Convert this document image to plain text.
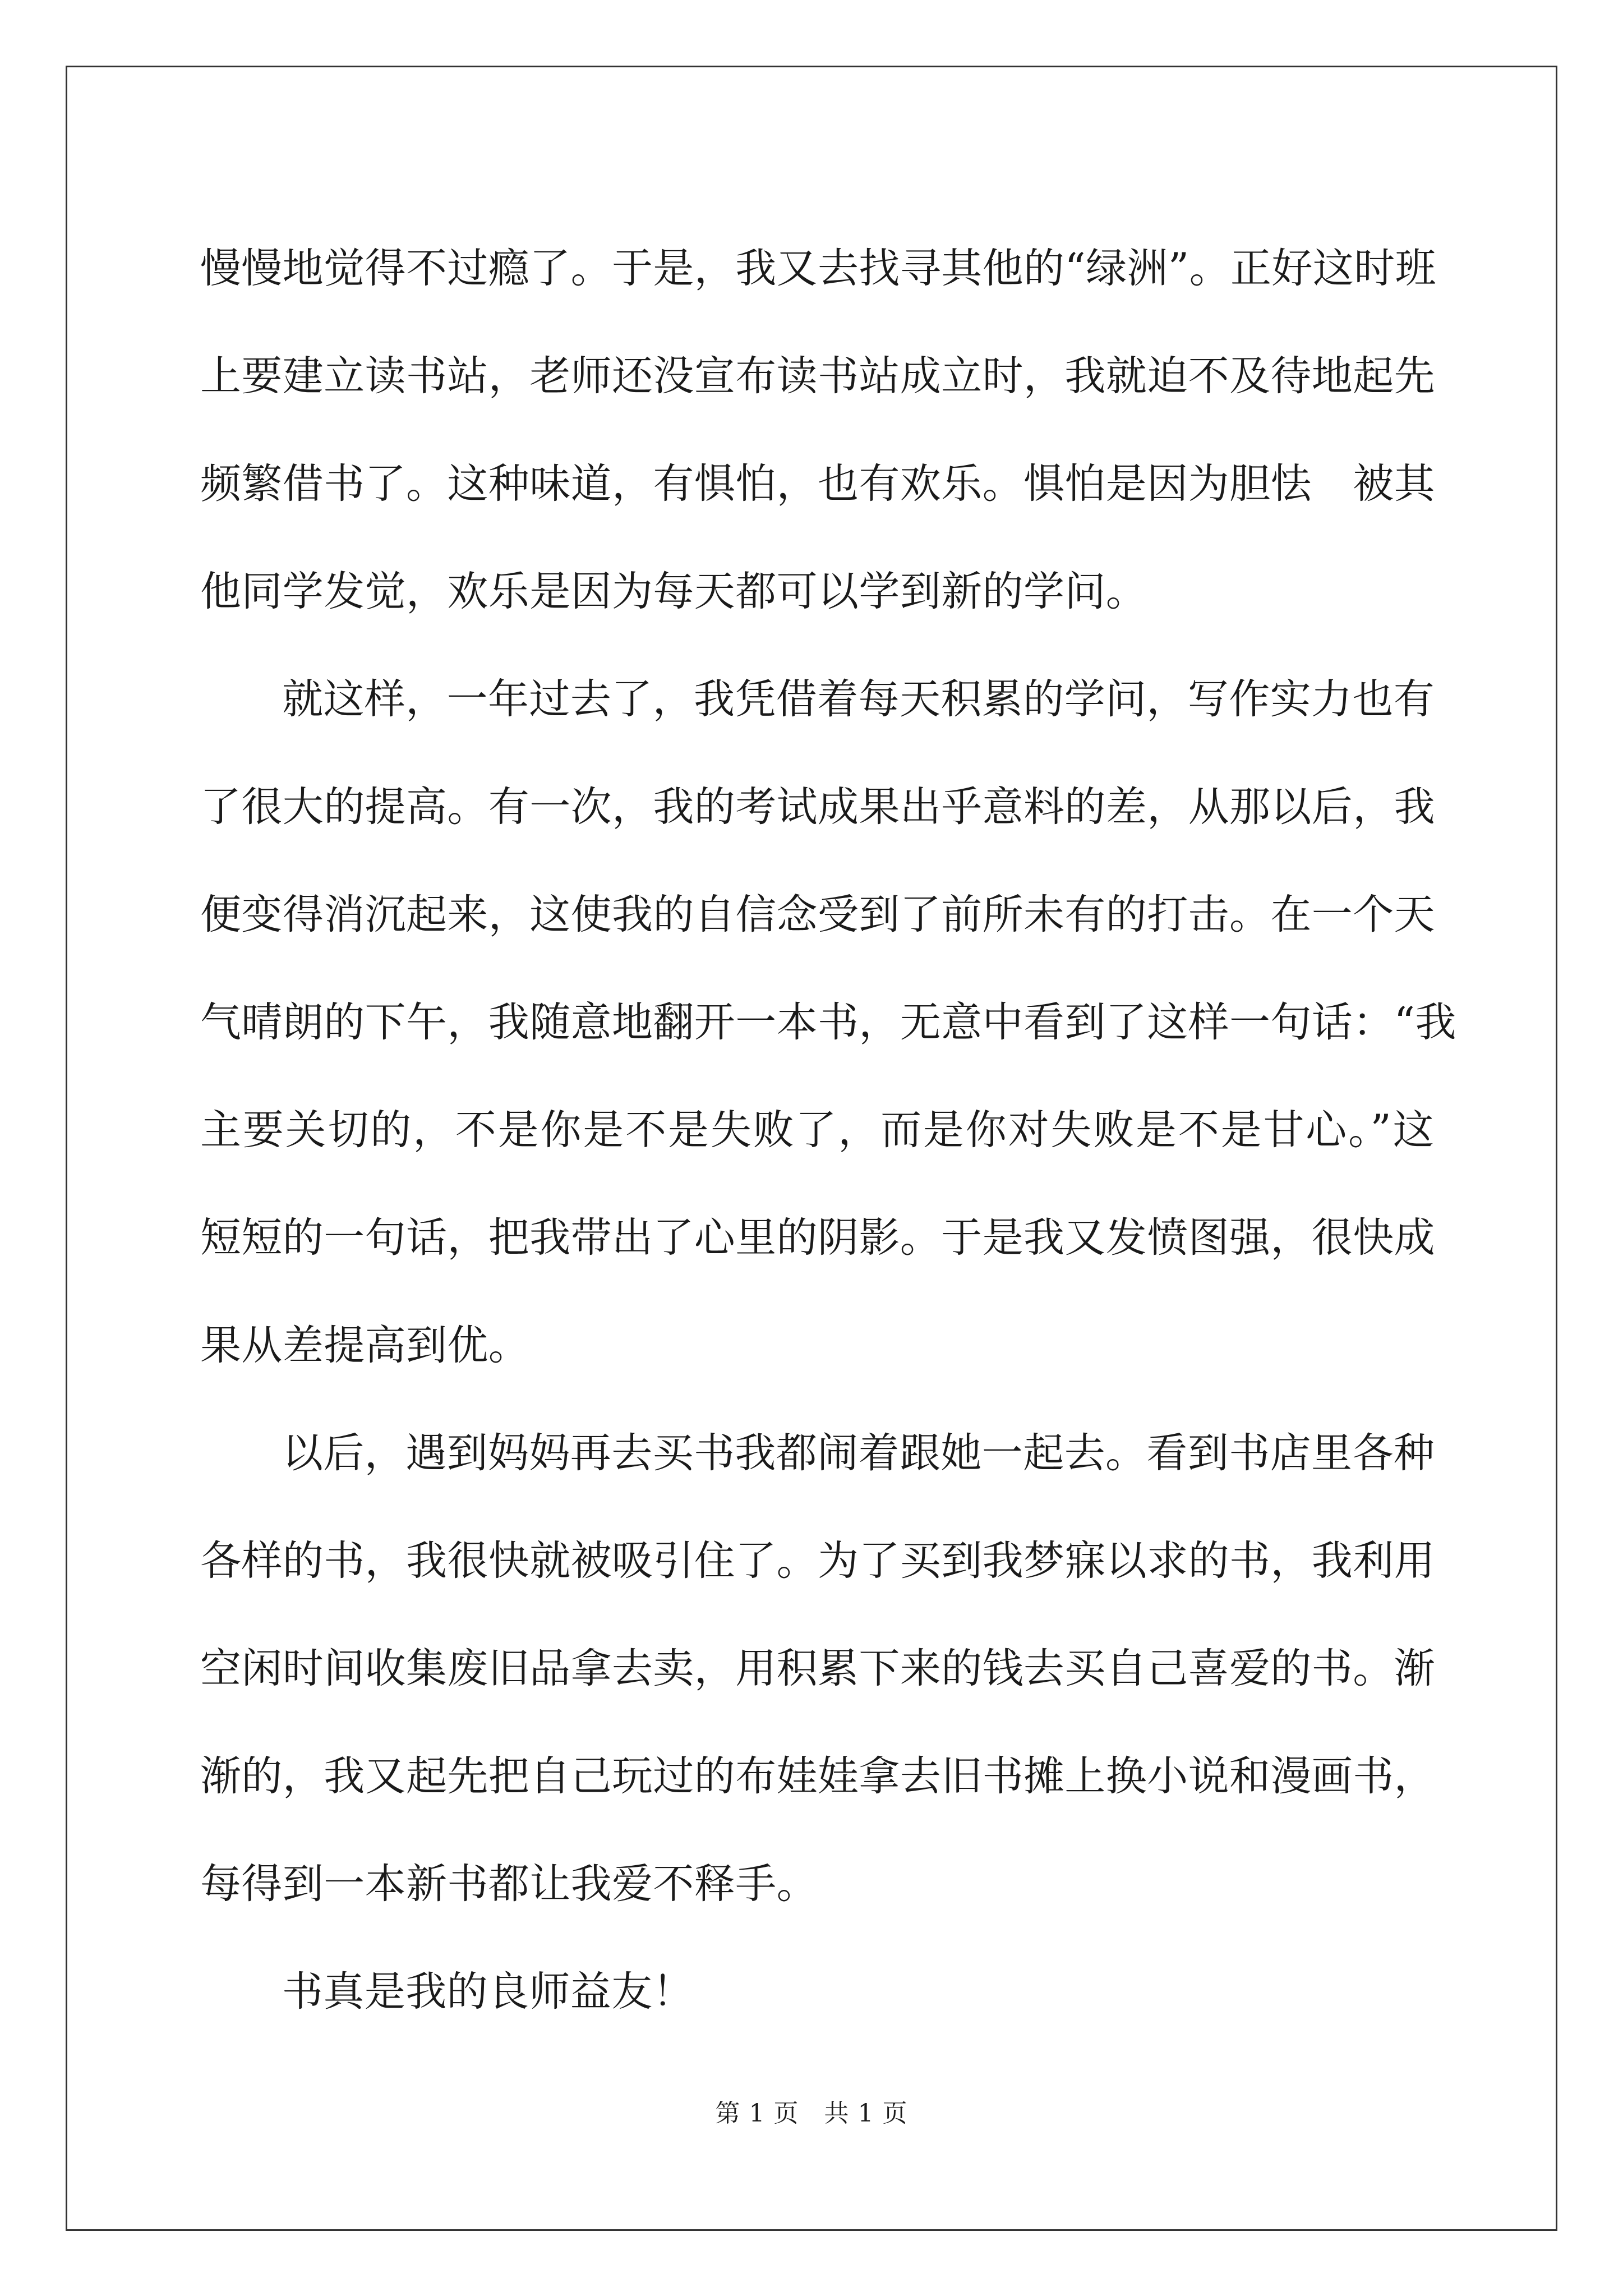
慢慢地觉得不过瘾了。于是，我又去找寻其他的“绿洲”。正好这时班
上要建立读书站，老师还没宣布读书站成立时，我就迫不及待地起先
频繁借书了。这种味道，有惧怕，也有欢乐。惧怕是因为胆怯　被其
他同学发觉，欢乐是因为每天都可以学到新的学问。
就这样，一年过去了，我凭借着每天积累的学问，写作实力也有
了很大的提高。有一次，我的考试成果出乎意料的差，从那以后，我
便变得消沉起来，这使我的自信念受到了前所未有的打击。在一个天
气晴朗的下午，我随意地翻开一本书，无意中看到了这样一句话：“我
主要关切的，不是你是不是失败了，而是你对失败是不是甘心。”这
短短的一句话，把我带出了心里的阴影。于是我又发愤图强，很快成
果从差提高到优。
以后，遇到妈妈再去买书我都闹着跟她一起去。看到书店里各种
各样的书，我很快就被吸引住了。为了买到我梦寐以求的书，我利用
空闲时间收集废旧品拿去卖，用积累下来的钱去买自己喜爱的书。渐
渐的，我又起先把自己玩过的布娃娃拿去旧书摊上换小说和漫画书，
每得到一本新书都让我爱不释手。
书真是我的良师益友！
第 1 页　共 1 页
